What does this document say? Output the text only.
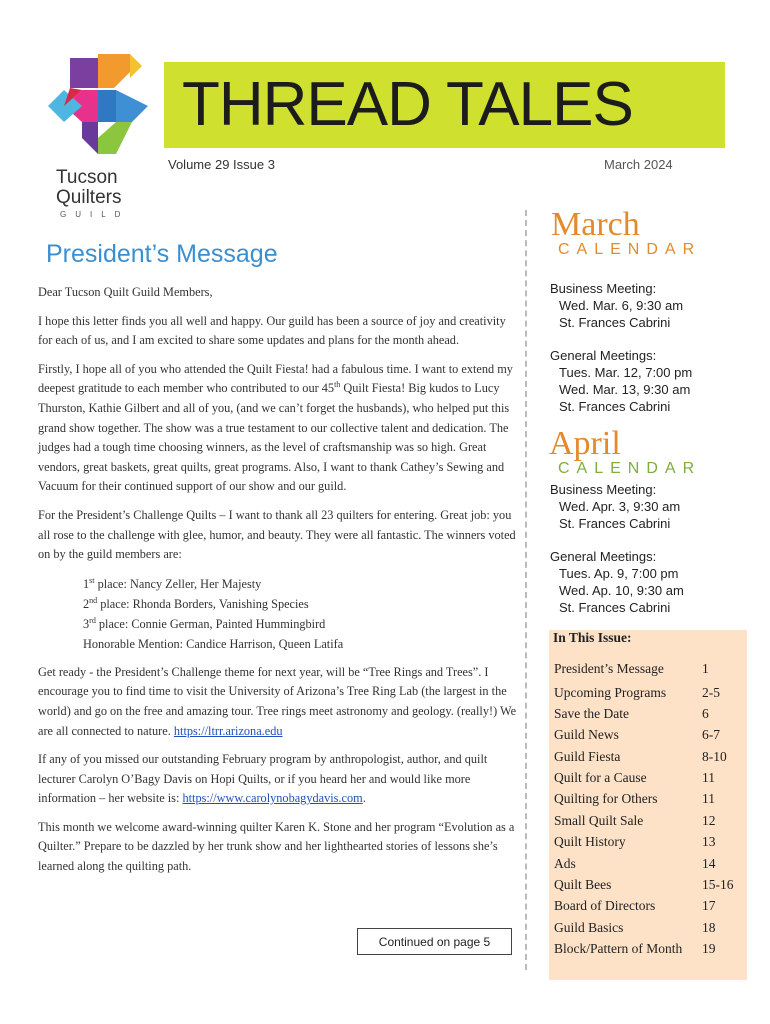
Tucson
Quilters
GUILD
THREAD TALES
Volume 29 Issue 3	March 2024
President’s Message

Dear Tucson Quilt Guild Members,

I hope this letter finds you all well and happy. Our guild has been a source of joy and creativity for each of us, and I am excited to share some updates and plans for the month ahead.

Firstly, I hope all of you who attended the Quilt Fiesta! had a fabulous time. I want to extend my deepest gratitude to each member who contributed to our 45th Quilt Fiesta! Big kudos to Lucy Thurston, Kathie Gilbert and all of you, (and we can’t forget the husbands), who helped put this grand show together. The show was a true testament to our collective talent and dedication. The judges had a tough time choosing winners, as the level of craftsmanship was so high. Great vendors, great baskets, great quilts, great programs. Also, I want to thank Cathey’s Sewing and Vacuum for their continued support of our show and our guild.

For the President’s Challenge Quilts – I want to thank all 23 quilters for entering. Great job: you all rose to the challenge with glee, humor, and beauty. They were all fantastic. The winners voted on by the guild members are:

1st place: Nancy Zeller, Her Majesty
2nd place: Rhonda Borders, Vanishing Species
3rd place: Connie German, Painted Hummingbird
Honorable Mention: Candice Harrison, Queen Latifa

Get ready - the President’s Challenge theme for next year, will be “Tree Rings and Trees”. I encourage you to find time to visit the University of Arizona’s Tree Ring Lab (the largest in the world) and go on the free and amazing tour. Tree rings meet astronomy and geology. (really!) We are all connected to nature. https://ltrr.arizona.edu

If any of you missed our outstanding February program by anthropologist, author, and quilt lecturer Carolyn O’Bagy Davis on Hopi Quilts, or if you heard her and would like more information – her website is: https://www.carolynobagydavis.com.

This month we welcome award-winning quilter Karen K. Stone and her program “Evolution as a Quilter.” Prepare to be dazzled by her trunk show and her lighthearted stories of lessons she’s learned along the quilting path.

Continued on page 5
March
CALENDAR
Business Meeting:
Wed. Mar. 6, 9:30 am
St. Frances Cabrini
General Meetings:
Tues. Mar. 12, 7:00 pm
Wed. Mar. 13, 9:30 am
St. Frances Cabrini
April
CALENDAR
Business Meeting:
Wed. Apr. 3, 9:30 am
St. Frances Cabrini
General Meetings:
Tues. Ap. 9, 7:00 pm
Wed. Ap. 10, 9:30 am
St. Frances Cabrini
In This Issue:
President’s Message	1
Upcoming Programs	2-5
Save the Date	6
Guild News	6-7
Guild Fiesta	8-10
Quilt for a Cause	11
Quilting for Others	11
Small Quilt Sale	12
Quilt History	13
Ads	14
Quilt Bees	15-16
Board of Directors	17
Guild Basics	18
Block/Pattern of Month 19
